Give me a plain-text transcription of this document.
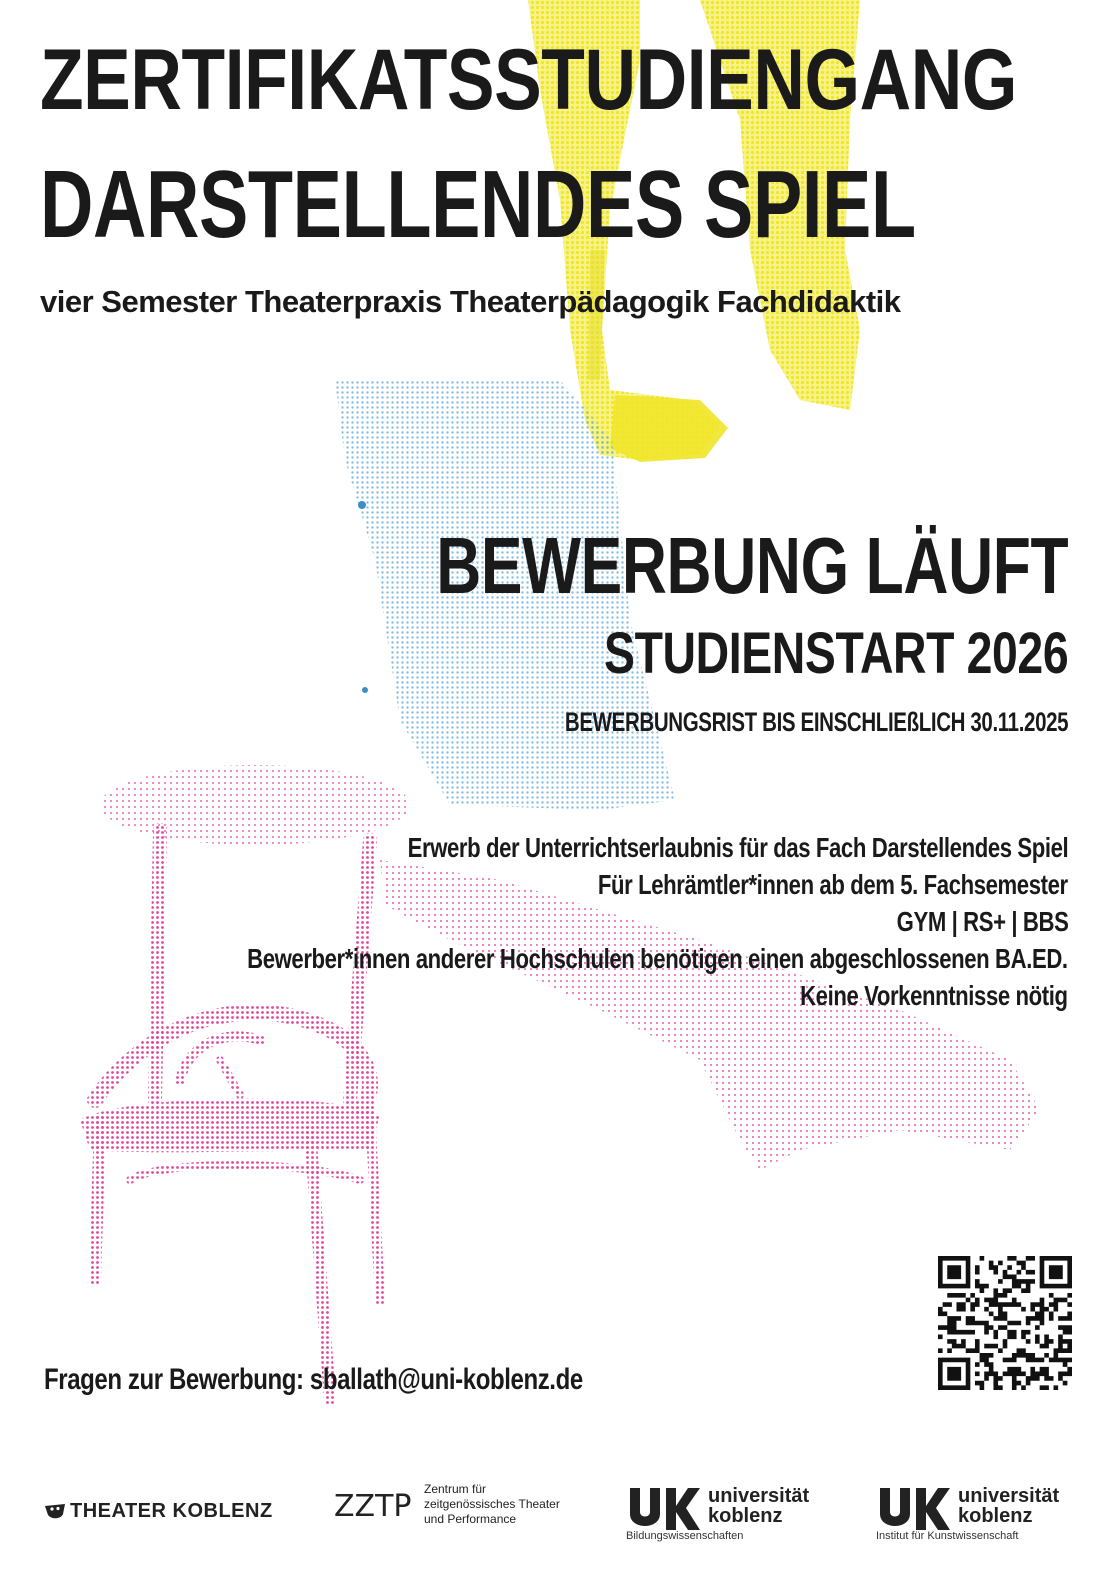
ZERTIFIKATSSTUDIENGANG
DARSTELLENDES SPIEL

vier Semester Theaterpraxis Theaterpädagogik Fachdidaktik

BEWERBUNG LÄUFT

STUDIENSTART 2026

BEWERBUNGSRIST BIS EINSCHLIEßLICH 30.11.2025

Erwerb der Unterrichtserlaubnis für das Fach Darstellendes Spiel

Für Lehrämtler*innen ab dem 5. Fachsemester

GYM | RS+ | BBS

Bewerber*innen anderer Hochschulen benötigen einen abgeschlossenen BA.ED.

Keine Vorkenntnisse nötig

Fragen zur Bewerbung: sballath@uni-koblenz.de

THEATER KOBLENZ ZZTP Zentrum für
zeitgenössisches Theater
und Performance
universität
koblenz
Bildungswissenschaften
universität
koblenz
Institut für Kunstwissenschaft
